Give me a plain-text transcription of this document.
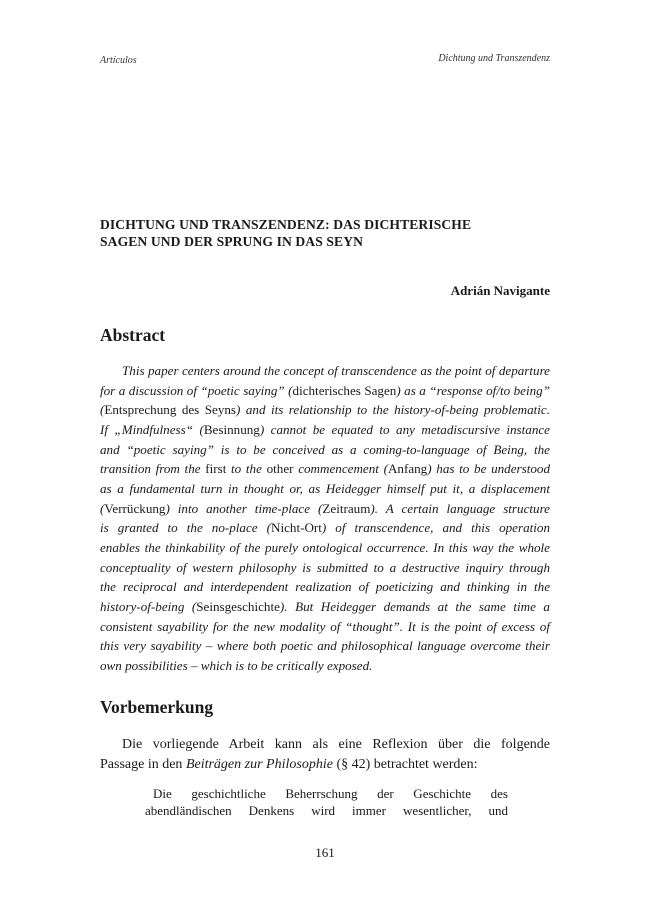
Artículos	Dichtung und Transzendenz
DICHTUNG UND TRANSZENDENZ: DAS DICHTERISCHE
SAGEN UND DER SPRUNG IN DAS SEYN
Adrián Navigante
Abstract
This paper centers around the concept of transcendence as the point of departure
for a discussion of “poetic saying” (dichterisches Sagen) as a “response of/to being”
(Entsprechung des Seyns) and its relationship to the history-of-being problematic.
If „Mindfulness“ (Besinnung) cannot be equated to any metadiscursive instance
and “poetic saying” is to be conceived as a coming-to-language of Being, the
transition from the first to the other commencement (Anfang) has to be understood
as a fundamental turn in thought or, as Heidegger himself put it, a displacement
(Verrückung) into another time-place (Zeitraum). A certain language structure
is granted to the no-place (Nicht-Ort) of transcendence, and this operation
enables the thinkability of the purely ontological occurrence. In this way the whole
conceptuality of western philosophy is submitted to a destructive inquiry through
the reciprocal and interdependent realization of poeticizing and thinking in the
history-of-being (Seinsgeschichte). But Heidegger demands at the same time a
consistent sayability for the new modality of “thought”. It is the point of excess of
this very sayability – where both poetic and philosophical language overcome their
own possibilities – which is to be critically exposed.
Vorbemerkung
Die vorliegende Arbeit kann als eine Reflexion über die folgende
Passage in den Beiträgen zur Philosophie (§ 42) betrachtet werden:
Die geschichtliche Beherrschung der Geschichte des
abendländischen Denkens wird immer wesentlicher, und
161
